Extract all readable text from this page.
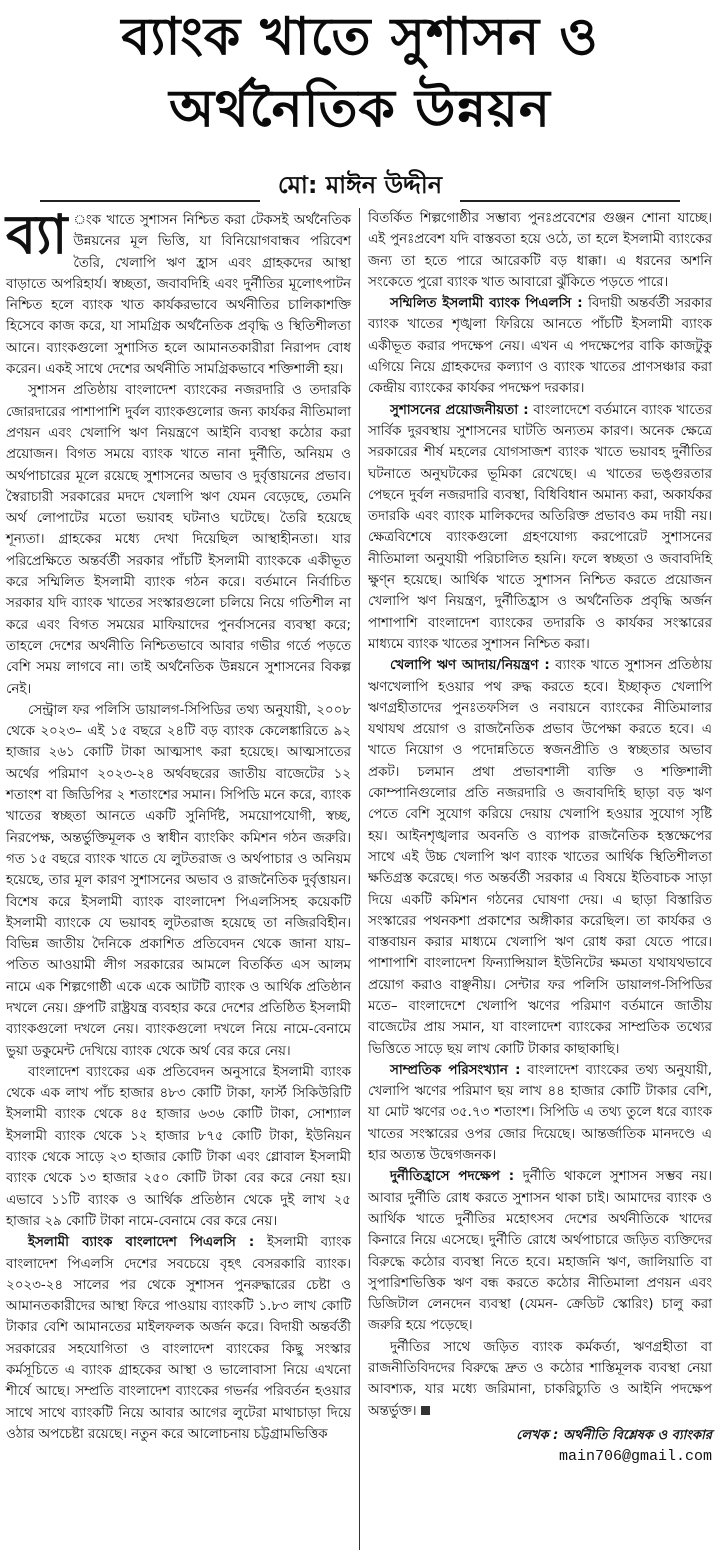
ব্যাংক খাতে সুশাসন ও
অর্থনৈতিক উন্নয়ন
মো: মাঈন উদ্দীন

ব্যা ংক খাতে সুশাসন নিশ্চিত করা টেকসই অর্থনৈতিক উন্নয়নের মূল ভিত্তি, যা বিনিয়োগবান্ধব পরিবেশ তৈরি, খেলাপি ঋণ হ্রাস এবং গ্রাহকদের আস্থা বাড়াতে অপরিহার্য। স্বচ্ছতা, জবাবদিহি এবং দুর্নীতির মূলোৎপাটন নিশ্চিত হলে ব্যাংক খাত কার্যকরভাবে অর্থনীতির চালিকাশক্তি হিসেবে কাজ করে, যা সামগ্রিক অর্থনৈতিক প্রবৃদ্ধি ও স্থিতিশীলতা আনে। ব্যাংকগুলো সুশাসিত হলে আমানতকারীরা নিরাপদ বোধ করেন। একই সাথে দেশের অর্থনীতি সামগ্রিকভাবে শক্তিশালী হয়।

সুশাসন প্রতিষ্ঠায় বাংলাদেশ ব্যাংকের নজরদারি ও তদারকি জোরদারের পাশাপাশি দুর্বল ব্যাংকগুলোর জন্য কার্যকর নীতিমালা প্রণয়ন এবং খেলাপি ঋণ নিয়ন্ত্রণে আইনি ব্যবস্থা কঠোর করা প্রয়োজন। বিগত সময়ে ব্যাংক খাতে নানা দুর্নীতি, অনিয়ম ও অর্থপাচারের মূলে রয়েছে সুশাসনের অভাব ও দুর্বৃত্তায়নের প্রভাব। স্বৈরাচারী সরকারের মদদে খেলাপি ঋণ যেমন বেড়েছে, তেমনি অর্থ লোপাটের মতো ভয়াবহ ঘটনাও ঘটেছে। তৈরি হয়েছে শূন্যতা। গ্রাহকের মধ্যে দেখা দিয়েছিল আস্থাহীনতা। যার পরিপ্রেক্ষিতে অন্তর্বর্তী সরকার পাঁচটি ইসলামী ব্যাংককে একীভূত করে সম্মিলিত ইসলামী ব্যাংক গঠন করে। বর্তমানে নির্বাচিত সরকার যদি ব্যাংক খাতের সংস্কারগুলো চলিয়ে নিয়ে গতিশীল না করে এবং বিগত সময়ের মাফিয়াদের পুনর্বাসনের ব্যবস্থা করে; তাহলে দেশের অর্থনীতি নিশ্চিতভাবে আবার গভীর গর্তে পড়তে বেশি সময় লাগবে না। তাই অর্থনৈতিক উন্নয়নে সুশাসনের বিকল্প নেই।

সেন্ট্রাল ফর পলিসি ডায়ালগ-সিপিডির তথ্য অনুযায়ী, ২০০৮ থেকে ২০২৩– এই ১৫ বছরে ২৪টি বড় ব্যাংক কেলেঙ্কারিতে ৯২ হাজার ২৬১ কোটি টাকা আত্মসাৎ করা হয়েছে। আত্মসাতের অর্থের পরিমাণ ২০২৩-২৪ অর্থবছরের জাতীয় বাজেটের ১২ শতাংশ বা জিডিপির ২ শতাংশের সমান। সিপিডি মনে করে, ব্যাংক খাতের স্বচ্ছতা আনতে একটি সুনির্দিষ্ট, সময়োপযোগী, স্বচ্ছ, নিরপেক্ষ, অন্তর্ভুক্তিমূলক ও স্বাধীন ব্যাংকিং কমিশন গঠন জরুরি। গত ১৫ বছরে ব্যাংক খাতে যে লুটতরাজ ও অর্থপাচার ও অনিয়ম হয়েছে, তার মূল কারণ সুশাসনের অভাব ও রাজনৈতিক দুর্বৃত্তায়ন। বিশেষ করে ইসলামী ব্যাংক বাংলাদেশ পিএলসিসহ কয়েকটি ইসলামী ব্যাংকে যে ভয়াবহ লুটতরাজ হয়েছে তা নজিরবিহীন। বিভিন্ন জাতীয় দৈনিকে প্রকাশিত প্রতিবেদন থেকে জানা যায়– পতিত আওয়ামী লীগ সরকারের আমলে বিতর্কিত এস আলম নামে এক শিল্পগোষ্ঠী একে একে আটটি ব্যাংক ও আর্থিক প্রতিষ্ঠান দখলে নেয়। গ্রুপটি রাষ্ট্রযন্ত্র ব্যবহার করে দেশের প্রতিষ্ঠিত ইসলামী ব্যাংকগুলো দখলে নেয়। ব্যাংকগুলো দখলে নিয়ে নামে-বেনামে ভুয়া ডকুমেন্ট দেখিয়ে ব্যাংক থেকে অর্থ বের করে নেয়।

বাংলাদেশ ব্যাংকের এক প্রতিবেদন অনুসারে ইসলামী ব্যাংক থেকে এক লাখ পাঁচ হাজার ৪৮৩ কোটি টাকা, ফার্স্ট সিকিউরিটি ইসলামী ব্যাংক থেকে ৪৫ হাজার ৬৩৬ কোটি টাকা, সোশ্যাল ইসলামী ব্যাংক থেকে ১২ হাজার ৮৭৫ কোটি টাকা, ইউনিয়ন ব্যাংক থেকে সাড়ে ২৩ হাজার কোটি টাকা এবং গ্লোবাল ইসলামী ব্যাংক থেকে ১৩ হাজার ২৫০ কোটি টাকা বের করে নেয়া হয়। এভাবে ১১টি ব্যাংক ও আর্থিক প্রতিষ্ঠান থেকে দুই লাখ ২৫ হাজার ২৯ কোটি টাকা নামে-বেনামে বের করে নেয়।

ইসলামী ব্যাংক বাংলাদেশ পিএলসি : ইসলামী ব্যাংক বাংলাদেশ পিএলসি দেশের সবচেয়ে বৃহৎ বেসরকারি ব্যাংক। ২০২৩-২৪ সালের পর থেকে সুশাসন পুনরুদ্ধারের চেষ্টা ও আমানতকারীদের আস্থা ফিরে পাওয়ায় ব্যাংকটি ১.৮৩ লাখ কোটি টাকার বেশি আমানতের মাইলফলক অর্জন করে। বিদায়ী অন্তর্বর্তী সরকারের সহযোগিতা ও বাংলাদেশ ব্যাংকের কিছু সংস্কার কর্মসূচিতে এ ব্যাংক গ্রাহকের আস্থা ও ভালোবাসা নিয়ে এখনো শীর্ষে আছে। সম্প্রতি বাংলাদেশ ব্যাংকের গভর্নর পরিবর্তন হওয়ার সাথে সাথে ব্যাংকটি নিয়ে আবার আগের লুটেরা মাথাচাড়া দিয়ে ওঠার অপচেষ্টা রয়েছে। নতুন করে আলোচনায় চট্টগ্রামভিত্তিক

বিতর্কিত শিল্পগোষ্ঠীর সম্ভাব্য পুনঃপ্রবেশের গুঞ্জন শোনা যাচ্ছে। এই পুনঃপ্রবেশ যদি বাস্তবতা হয়ে ওঠে, তা হলে ইসলামী ব্যাংকের জন্য তা হতে পারে আরেকটি বড় ধাক্কা। এ ধরনের অশনি সংকেতে পুরো ব্যাংক খাত আবারো ঝুঁকিতে পড়তে পারে।

সম্মিলিত ইসলামী ব্যাংক পিএলসি : বিদায়ী অন্তর্বর্তী সরকার ব্যাংক খাতের শৃঙ্খলা ফিরিয়ে আনতে পাঁচটি ইসলামী ব্যাংক একীভূত করার পদক্ষেপ নেয়। এখন এ পদক্ষেপের বাকি কাজটুকু এগিয়ে নিয়ে গ্রাহকদের কল্যাণ ও ব্যাংক খাতের প্রাণসঞ্চার করা কেন্দ্রীয় ব্যাংকের কার্যকর পদক্ষেপ দরকার।

সুশাসনের প্রয়োজনীয়তা : বাংলাদেশে বর্তমানে ব্যাংক খাতের সার্বিক দুরবস্থায় সুশাসনের ঘাটতি অন্যতম কারণ। অনেক ক্ষেত্রে সরকারের শীর্ষ মহলের যোগসাজশ ব্যাংক খাতে ভয়াবহ দুর্নীতির ঘটনাতে অনুঘটকের ভূমিকা রেখেছে। এ খাতের ভঙ্গুরতার পেছনে দুর্বল নজরদারি ব্যবস্থা, বিধিবিধান অমান্য করা, অকার্যকর তদারকি এবং ব্যাংক মালিকদের অতিরিক্ত প্রভাবও কম দায়ী নয়। ক্ষেত্রবিশেষে ব্যাংকগুলো গ্রহণযোগ্য করপোরেট সুশাসনের নীতিমালা অনুযায়ী পরিচালিত হয়নি। ফলে স্বচ্ছতা ও জবাবদিহি ক্ষুণ্ন হয়েছে। আর্থিক খাতে সুশাসন নিশ্চিত করতে প্রয়োজন খেলাপি ঋণ নিয়ন্ত্রণ, দুর্নীতিহ্রাস ও অর্থনৈতিক প্রবৃদ্ধি অর্জন পাশাপাশি বাংলাদেশ ব্যাংকের তদারকি ও কার্যকর সংস্কারের মাধ্যমে ব্যাংক খাতের সুশাসন নিশ্চিত করা।

খেলাপি ঋণ আদায়/নিয়ন্ত্রণ : ব্যাংক খাতে সুশাসন প্রতিষ্ঠায় ঋণখেলাপি হওয়ার পথ রুদ্ধ করতে হবে। ইচ্ছাকৃত খেলাপি ঋণগ্রহীতাদের পুনঃতফসিল ও নবায়নে ব্যাংকের নীতিমালার যথাযথ প্রয়োগ ও রাজনৈতিক প্রভাব উপেক্ষা করতে হবে। এ খাতে নিয়োগ ও পদোন্নতিতে স্বজনপ্রীতি ও স্বচ্ছতার অভাব প্রকট। চলমান প্রথা প্রভাবশালী ব্যক্তি ও শক্তিশালী কোম্পানিগুলোর প্রতি নজরদারি ও জবাবদিহি ছাড়া বড় ঋণ পেতে বেশি সুযোগ করিয়ে দেয়ায় খেলাপি হওয়ার সুযোগ সৃষ্টি হয়। আইনশৃঙ্খলার অবনতি ও ব্যাপক রাজনৈতিক হস্তক্ষেপের সাথে এই উচ্চ খেলাপি ঋণ ব্যাংক খাতের আর্থিক স্থিতিশীলতা ক্ষতিগ্রস্ত করেছে। গত অন্তর্বর্তী সরকার এ বিষয়ে ইতিবাচক সাড়া দিয়ে একটি কমিশন গঠনের ঘোষণা দেয়। এ ছাড়া বিস্তারিত সংস্কারের পথনকশা প্রকাশের অঙ্গীকার করেছিল। তা কার্যকর ও বাস্তবায়ন করার মাধ্যমে খেলাপি ঋণ রোধ করা যেতে পারে। পাশাপাশি বাংলাদেশ ফিন্যান্সিয়াল ইউনিটের ক্ষমতা যথাযথভাবে প্রয়োগ করাও বাঞ্ছনীয়। সেন্টার ফর পলিসি ডায়ালগ-সিপিডির মতে– বাংলাদেশে খেলাপি ঋণের পরিমাণ বর্তমানে জাতীয় বাজেটের প্রায় সমান, যা বাংলাদেশ ব্যাংকের সাম্প্রতিক তথ্যের ভিত্তিতে সাড়ে ছয় লাখ কোটি টাকার কাছাকাছি।

সাম্প্রতিক পরিসংখ্যান : বাংলাদেশ ব্যাংকের তথ্য অনুযায়ী, খেলাপি ঋণের পরিমাণ ছয় লাখ ৪৪ হাজার কোটি টাকার বেশি, যা মোট ঋণের ৩৫.৭৩ শতাংশ। সিপিডি এ তথ্য তুলে ধরে ব্যাংক খাতের সংস্কারের ওপর জোর দিয়েছে। আন্তর্জাতিক মানদণ্ডে এ হার অত্যন্ত উদ্বেগজনক।

দুর্নীতিহ্রাসে পদক্ষেপ : দুর্নীতি থাকলে সুশাসন সম্ভব নয়। আবার দুর্নীতি রোধ করতে সুশাসন থাকা চাই। আমাদের ব্যাংক ও আর্থিক খাতে দুর্নীতির মহোৎসব দেশের অর্থনীতিকে খাদের কিনারে নিয়ে এসেছে। দুর্নীতি রোধে অর্থপাচারে জড়িত ব্যক্তিদের বিরুদ্ধে কঠোর ব্যবস্থা নিতে হবে। মহাজনি ঋণ, জালিয়াতি বা সুপারিশভিত্তিক ঋণ বন্ধ করতে কঠোর নীতিমালা প্রণয়ন এবং ডিজিটাল লেনদেন ব্যবস্থা (যেমন- ক্রেডিট স্কোরিং) চালু করা জরুরি হয়ে পড়েছে।

দুর্নীতির সাথে জড়িত ব্যাংক কর্মকর্তা, ঋণগ্রহীতা বা রাজনীতিবিদদের বিরুদ্ধে দ্রুত ও কঠোর শাস্তিমূলক ব্যবস্থা নেয়া আবশ্যক, যার মধ্যে জরিমানা, চাকরিচ্যুতি ও আইনি পদক্ষেপ অন্তর্ভুক্ত।

লেখক : অর্থনীতি বিশ্লেষক ও ব্যাংকার
main706@gmail.com
